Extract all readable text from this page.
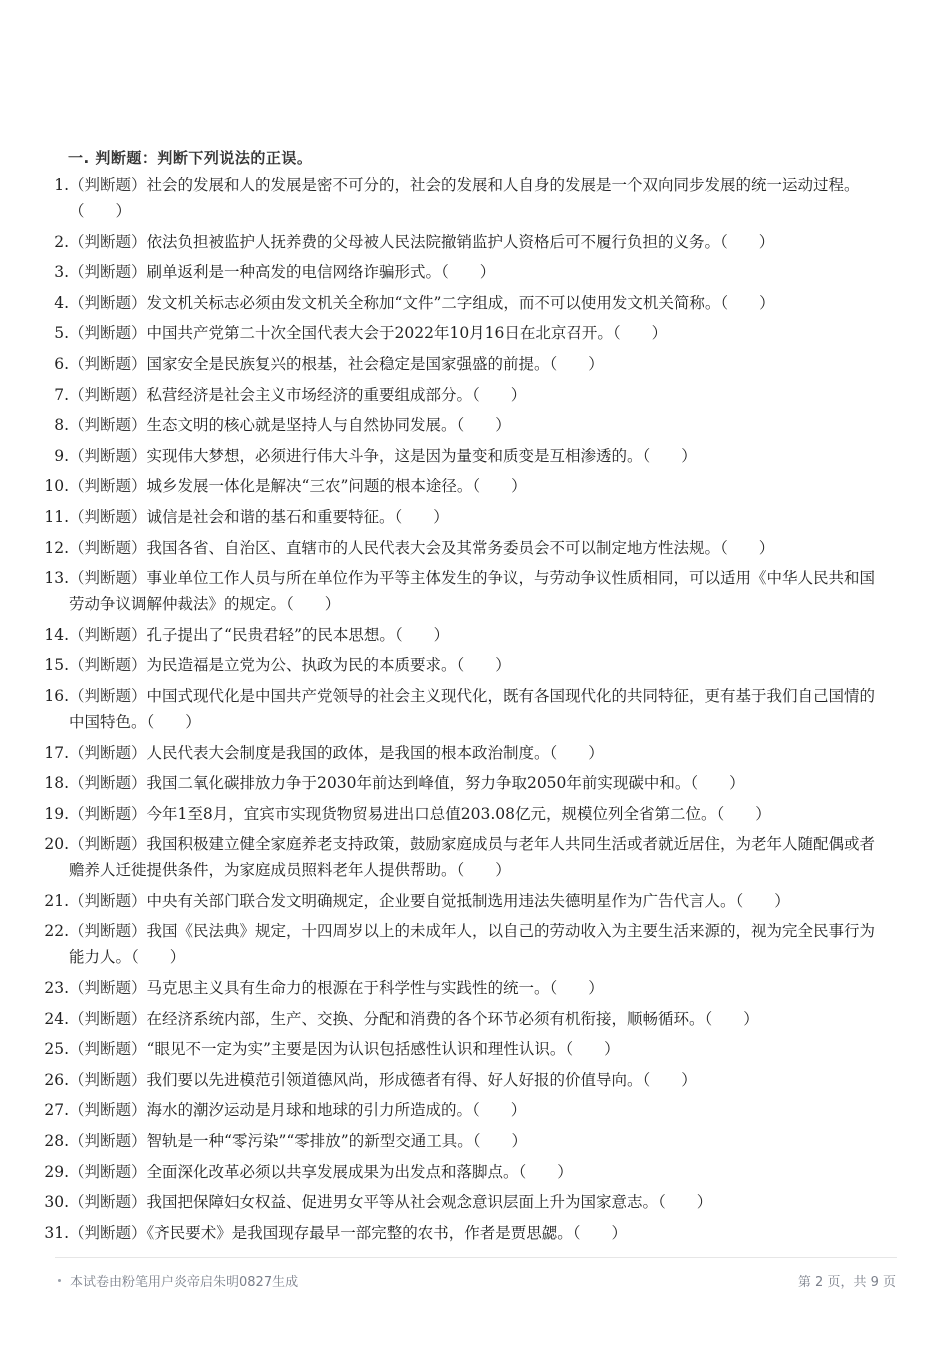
一. 判断题：判断下列说法的正误。
1. （判断题）社会的发展和人的发展是密不可分的，社会的发展和人自身的发展是一个双向同步发展的统一运动过程。（　　）
2. （判断题）依法负担被监护人抚养费的父母被人民法院撤销监护人资格后可不履行负担的义务。（　　）
3. （判断题）刷单返利是一种高发的电信网络诈骗形式。（　　）
4. （判断题）发文机关标志必须由发文机关全称加“文件”二字组成，而不可以使用发文机关简称。（　　）
5. （判断题）中国共产党第二十次全国代表大会于2022年10月16日在北京召开。（　　）
6. （判断题）国家安全是民族复兴的根基，社会稳定是国家强盛的前提。（　　）
7. （判断题）私营经济是社会主义市场经济的重要组成部分。（　　）
8. （判断题）生态文明的核心就是坚持人与自然协同发展。（　　）
9. （判断题）实现伟大梦想，必须进行伟大斗争，这是因为量变和质变是互相渗透的。（　　）
10. （判断题）城乡发展一体化是解决“三农”问题的根本途径。（　　）
11. （判断题）诚信是社会和谐的基石和重要特征。（　　）
12. （判断题）我国各省、自治区、直辖市的人民代表大会及其常务委员会不可以制定地方性法规。（　　）
13. （判断题）事业单位工作人员与所在单位作为平等主体发生的争议，与劳动争议性质相同，可以适用《中华人民共和国劳动争议调解仲裁法》的规定。（　　）
14. （判断题）孔子提出了“民贵君轻”的民本思想。（　　）
15. （判断题）为民造福是立党为公、执政为民的本质要求。（　　）
16. （判断题）中国式现代化是中国共产党领导的社会主义现代化，既有各国现代化的共同特征，更有基于我们自己国情的中国特色。（　　）
17. （判断题）人民代表大会制度是我国的政体，是我国的根本政治制度。（　　）
18. （判断题）我国二氧化碳排放力争于2030年前达到峰值，努力争取2050年前实现碳中和。（　　）
19. （判断题）今年1至8月，宜宾市实现货物贸易进出口总值203.08亿元，规模位列全省第二位。（　　）
20. （判断题）我国积极建立健全家庭养老支持政策，鼓励家庭成员与老年人共同生活或者就近居住，为老年人随配偶或者赡养人迁徙提供条件，为家庭成员照料老年人提供帮助。（　　）
21. （判断题）中央有关部门联合发文明确规定，企业要自觉抵制选用违法失德明星作为广告代言人。（　　）
22. （判断题）我国《民法典》规定，十四周岁以上的未成年人，以自己的劳动收入为主要生活来源的，视为完全民事行为能力人。（　　）
23. （判断题）马克思主义具有生命力的根源在于科学性与实践性的统一。（　　）
24. （判断题）在经济系统内部，生产、交换、分配和消费的各个环节必须有机衔接，顺畅循环。（　　）
25. （判断题）“眼见不一定为实”主要是因为认识包括感性认识和理性认识。（　　）
26. （判断题）我们要以先进模范引领道德风尚，形成德者有得、好人好报的价值导向。（　　）
27. （判断题）海水的潮汐运动是月球和地球的引力所造成的。（　　）
28. （判断题）智轨是一种“零污染”“零排放”的新型交通工具。（　　）
29. （判断题）全面深化改革必须以共享发展成果为出发点和落脚点。（　　）
30. （判断题）我国把保障妇女权益、促进男女平等从社会观念意识层面上升为国家意志。（　　）
31. （判断题）《齐民要术》是我国现存最早一部完整的农书，作者是贾思勰。（　　）
本试卷由粉笔用户炎帝启朱明0827生成	第 2 页，共 9 页
